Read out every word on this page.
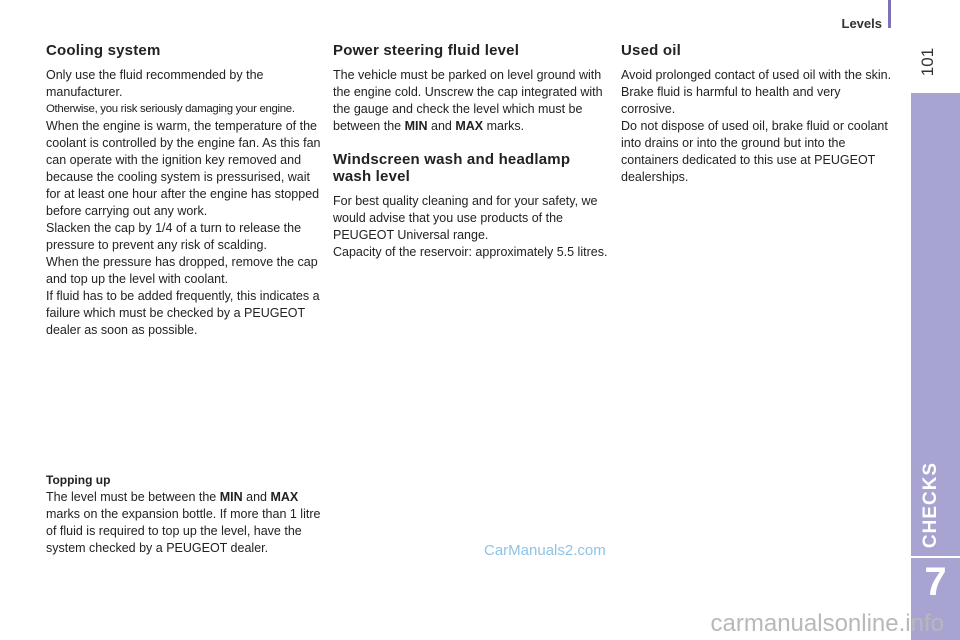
Levels
101
CHECKS
7
Cooling system

Only use the fluid recommended by the manufacturer.

Otherwise, you risk seriously damaging your engine.

When the engine is warm, the temperature of the coolant is controlled by the engine fan. As this fan can operate with the ignition key removed and because the cooling system is pressurised, wait for at least one hour after the engine has stopped before carrying out any work.

Slacken the cap by 1/4 of a turn to release the pressure to prevent any risk of scalding.

When the pressure has dropped, remove the cap and top up the level with coolant.

If fluid has to be added frequently, this indicates a failure which must be checked by a PEUGEOT dealer as soon as possible.

Topping up

The level must be between the MIN and MAX marks on the expansion bottle. If more than 1 litre of fluid is required to top up the level, have the system checked by a PEUGEOT dealer.

Power steering fluid level

The vehicle must be parked on level ground with the engine cold. Unscrew the cap integrated with the gauge and check the level which must be between the MIN and MAX marks.

Windscreen wash and headlamp wash level

For best quality cleaning and for your safety, we would advise that you use products of the PEUGEOT Universal range.

Capacity of the reservoir: approximately 5.5 litres.

Used oil

Avoid prolonged contact of used oil with the skin.

Brake fluid is harmful to health and very corrosive.

Do not dispose of used oil, brake fluid or coolant into drains or into the ground but into the containers dedicated to this use at PEUGEOT dealerships.

CarManuals2.com
carmanualsonline.info
